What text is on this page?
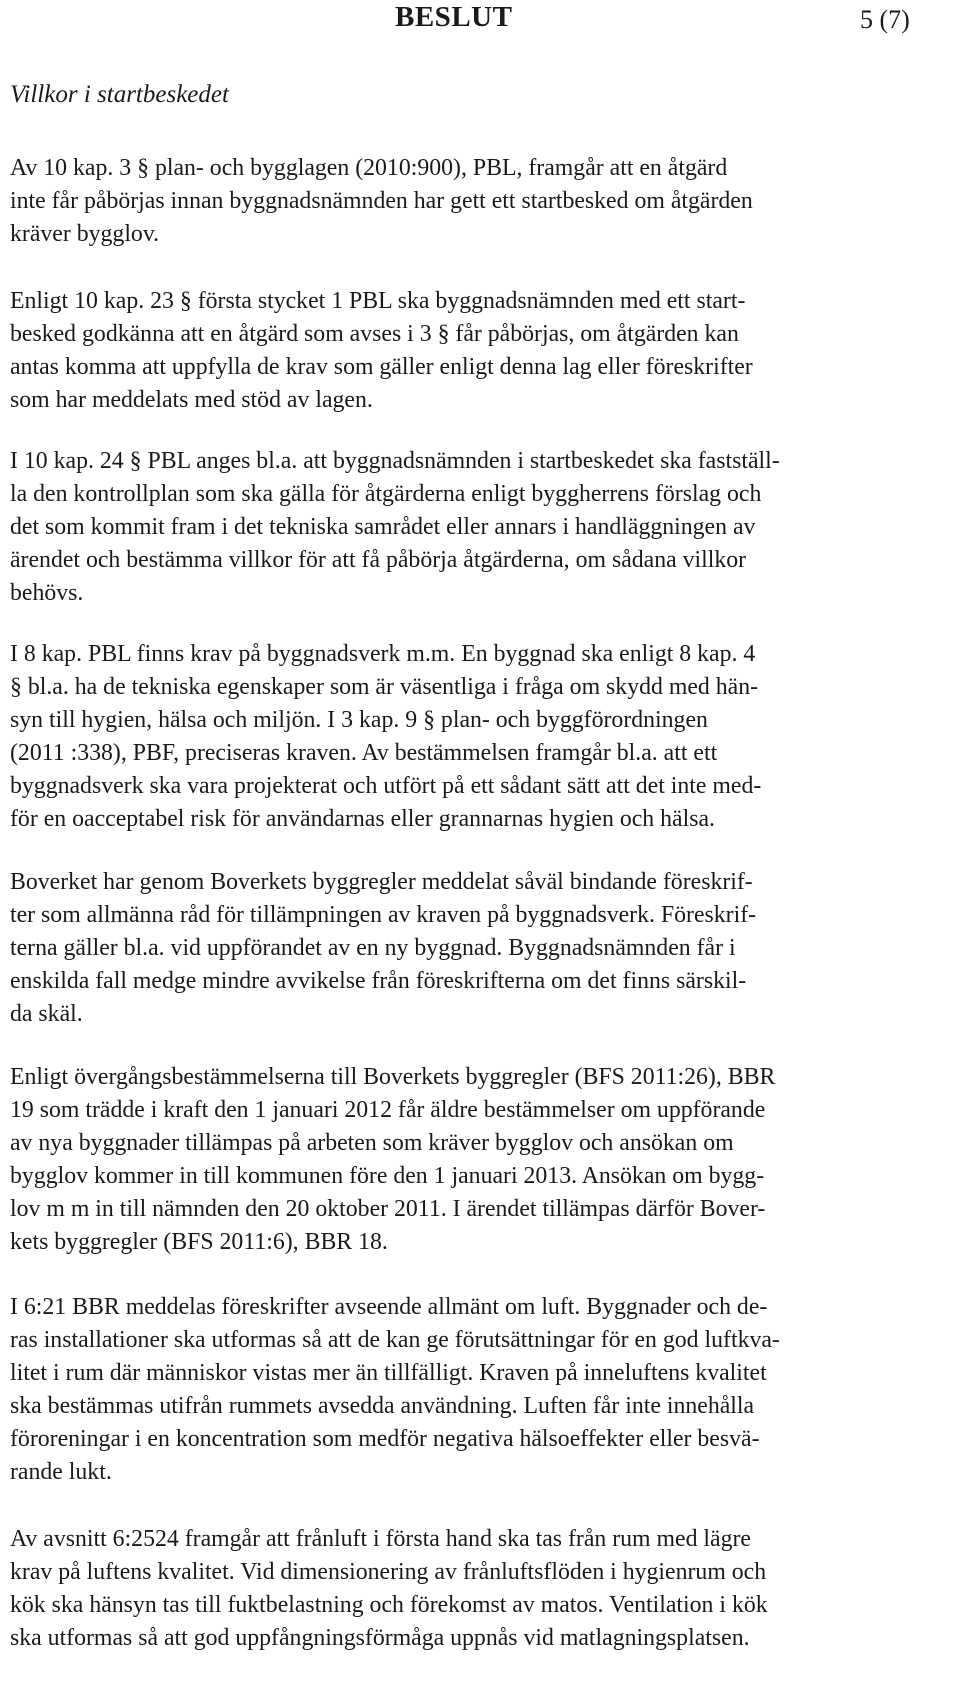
BESLUT	5 (7)
Villkor i startbeskedet

Av 10 kap. 3 § plan- och bygglagen (2010:900), PBL, framgår att en åtgärd
inte får påbörjas innan byggnadsnämnden har gett ett startbesked om åtgärden
kräver bygglov.

Enligt 10 kap. 23 § första stycket 1 PBL ska byggnadsnämnden med ett start-
besked godkänna att en åtgärd som avses i 3 § får påbörjas, om åtgärden kan
antas komma att uppfylla de krav som gäller enligt denna lag eller föreskrifter
som har meddelats med stöd av lagen.

I 10 kap. 24 § PBL anges bl.a. att byggnadsnämnden i startbeskedet ska fastställ-
la den kontrollplan som ska gälla för åtgärderna enligt byggherrens förslag och
det som kommit fram i det tekniska samrådet eller annars i handläggningen av
ärendet och bestämma villkor för att få påbörja åtgärderna, om sådana villkor
behövs.

I 8 kap. PBL finns krav på byggnadsverk m.m. En byggnad ska enligt 8 kap. 4
§ bl.a. ha de tekniska egenskaper som är väsentliga i fråga om skydd med hän-
syn till hygien, hälsa och miljön. I 3 kap. 9 § plan- och byggförordningen
(2011 :338), PBF, preciseras kraven. Av bestämmelsen framgår bl.a. att ett
byggnadsverk ska vara projekterat och utfört på ett sådant sätt att det inte med-
för en oacceptabel risk för användarnas eller grannarnas hygien och hälsa.

Boverket har genom Boverkets byggregler meddelat såväl bindande föreskrif-
ter som allmänna råd för tillämpningen av kraven på byggnadsverk. Föreskrif-
terna gäller bl.a. vid uppförandet av en ny byggnad. Byggnadsnämnden får i
enskilda fall medge mindre avvikelse från föreskrifterna om det finns särskil-
da skäl.

Enligt övergångsbestämmelserna till Boverkets byggregler (BFS 2011:26), BBR
19 som trädde i kraft den 1 januari 2012 får äldre bestämmelser om uppförande
av nya byggnader tillämpas på arbeten som kräver bygglov och ansökan om
bygglov kommer in till kommunen före den 1 januari 2013. Ansökan om bygg-
lov m m in till nämnden den 20 oktober 2011. I ärendet tillämpas därför Bover-
kets byggregler (BFS 2011:6), BBR 18.

I 6:21 BBR meddelas föreskrifter avseende allmänt om luft. Byggnader och de-
ras installationer ska utformas så att de kan ge förutsättningar för en god luftkva-
litet i rum där människor vistas mer än tillfälligt. Kraven på inneluftens kvalitet
ska bestämmas utifrån rummets avsedda användning. Luften får inte innehålla
föroreningar i en koncentration som medför negativa hälsoeffekter eller besvä-
rande lukt.

Av avsnitt 6:2524 framgår att frånluft i första hand ska tas från rum med lägre
krav på luftens kvalitet. Vid dimensionering av frånluftsflöden i hygienrum och
kök ska hänsyn tas till fuktbelastning och förekomst av matos. Ventilation i kök
ska utformas så att god uppfångningsförmåga uppnås vid matlagningsplatsen.
